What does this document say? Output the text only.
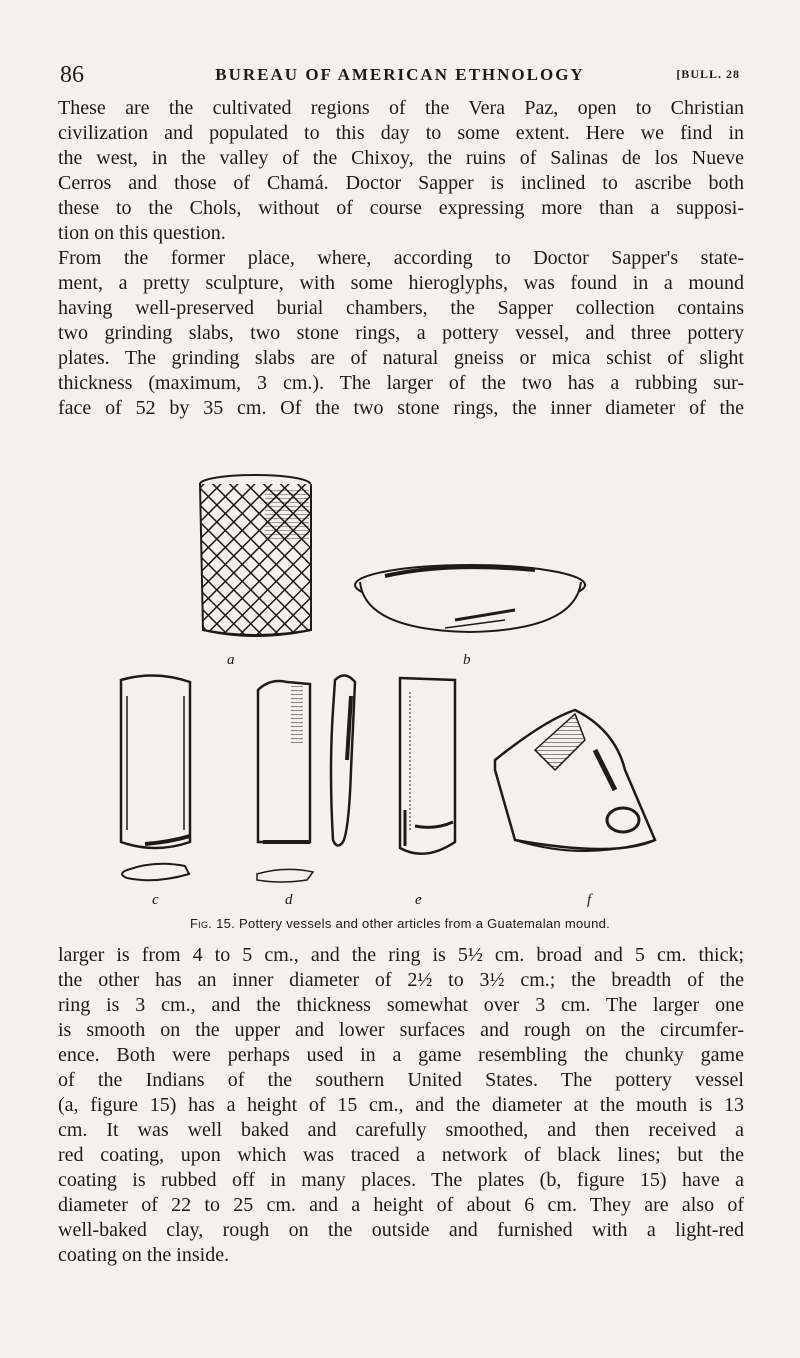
86	BUREAU OF AMERICAN ETHNOLOGY	[BULL. 28
These are the cultivated regions of the Vera Paz, open to Christian
civilization and populated to this day to some extent. Here we find in
the west, in the valley of the Chixoy, the ruins of Salinas de los Nueve
Cerros and those of Chamá. Doctor Sapper is inclined to ascribe both
these to the Chols, without of course expressing more than a supposi-
tion on this question.
From the former place, where, according to Doctor Sapper's state-
ment, a pretty sculpture, with some hieroglyphs, was found in a mound
having well-preserved burial chambers, the Sapper collection contains
two grinding slabs, two stone rings, a pottery vessel, and three pottery
plates. The grinding slabs are of natural gneiss or mica schist of slight
thickness (maximum, 3 cm.). The larger of the two has a rubbing sur-
face of 52 by 35 cm. Of the two stone rings, the inner diameter of the
a	b
c	d	e	f
Fig. 15. Pottery vessels and other articles from a Guatemalan mound.
larger is from 4 to 5 cm., and the ring is 5½ cm. broad and 5 cm. thick;
the other has an inner diameter of 2½ to 3½ cm.; the breadth of the
ring is 3 cm., and the thickness somewhat over 3 cm. The larger one
is smooth on the upper and lower surfaces and rough on the circumfer-
ence. Both were perhaps used in a game resembling the chunky game
of the Indians of the southern United States. The pottery vessel
(a, figure 15) has a height of 15 cm., and the diameter at the mouth is 13
cm. It was well baked and carefully smoothed, and then received a
red coating, upon which was traced a network of black lines; but the
coating is rubbed off in many places. The plates (b, figure 15) have a
diameter of 22 to 25 cm. and a height of about 6 cm. They are also of
well-baked clay, rough on the outside and furnished with a light-red
coating on the inside.
